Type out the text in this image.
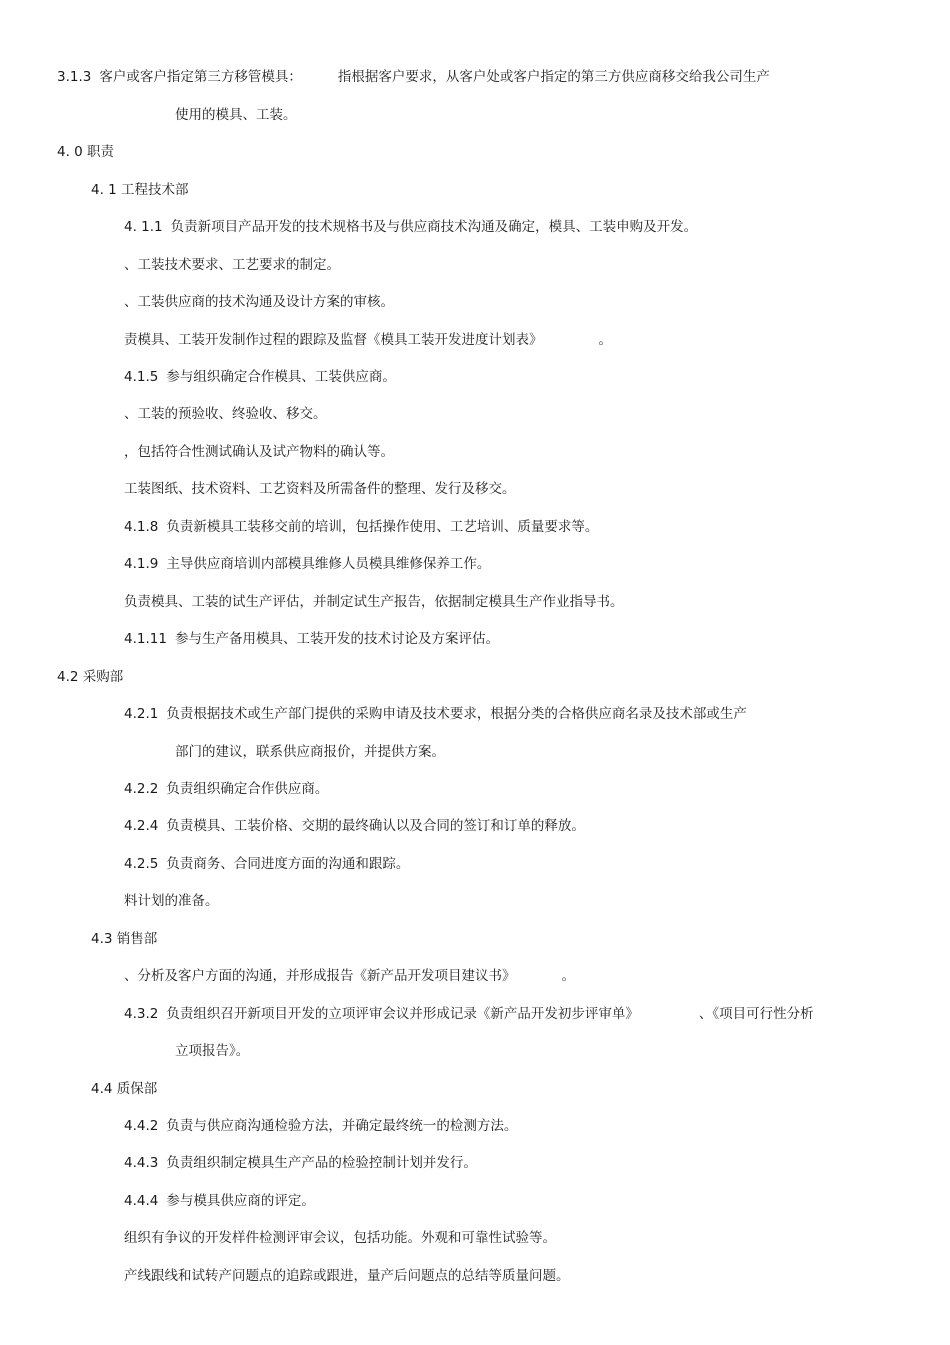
3.1.3 客户或客户指定第三方移管模具：	指根据客户要求，从客户处或客户指定的第三方供应商移交给我公司生产
使用的模具、工装。
4. 0 职责
4. 1 工程技术部
4. 1.1 负责新项目产品开发的技术规格书及与供应商技术沟通及确定，模具、工装申购及开发。
、工装技术要求、工艺要求的制定。
、工装供应商的技术沟通及设计方案的审核。
责模具、工装开发制作过程的跟踪及监督《模具工装开发进度计划表》	。
4.1.5 参与组织确定合作模具、工装供应商。
、工装的预验收、终验收、移交。
，包括符合性测试确认及试产物料的确认等。
工装图纸、技术资料、工艺资料及所需备件的整理、发行及移交。
4.1.8 负责新模具工装移交前的培训，包括操作使用、工艺培训、质量要求等。
4.1.9 主导供应商培训内部模具维修人员模具维修保养工作。
负责模具、工装的试生产评估，并制定试生产报告，依据制定模具生产作业指导书。
4.1.11 参与生产备用模具、工装开发的技术讨论及方案评估。
4.2 采购部
4.2.1 负责根据技术或生产部门提供的采购申请及技术要求，根据分类的合格供应商名录及技术部或生产
部门的建议，联系供应商报价，并提供方案。
4.2.2 负责组织确定合作供应商。
4.2.4 负责模具、工装价格、交期的最终确认以及合同的签订和订单的释放。
4.2.5 负责商务、合同进度方面的沟通和跟踪。
料计划的准备。
4.3 销售部
、分析及客户方面的沟通，并形成报告《新产品开发项目建议书》	。
4.3.2 负责组织召开新项目开发的立项评审会议并形成记录《新产品开发初步评审单》	、《项目可行性分析
立项报告》。
4.4 质保部
4.4.2 负责与供应商沟通检验方法，并确定最终统一的检测方法。
4.4.3 负责组织制定模具生产产品的检验控制计划并发行。
4.4.4 参与模具供应商的评定。
组织有争议的开发样件检测评审会议，包括功能。外观和可靠性试验等。
产线跟线和试转产问题点的追踪或跟进，量产后问题点的总结等质量问题。
